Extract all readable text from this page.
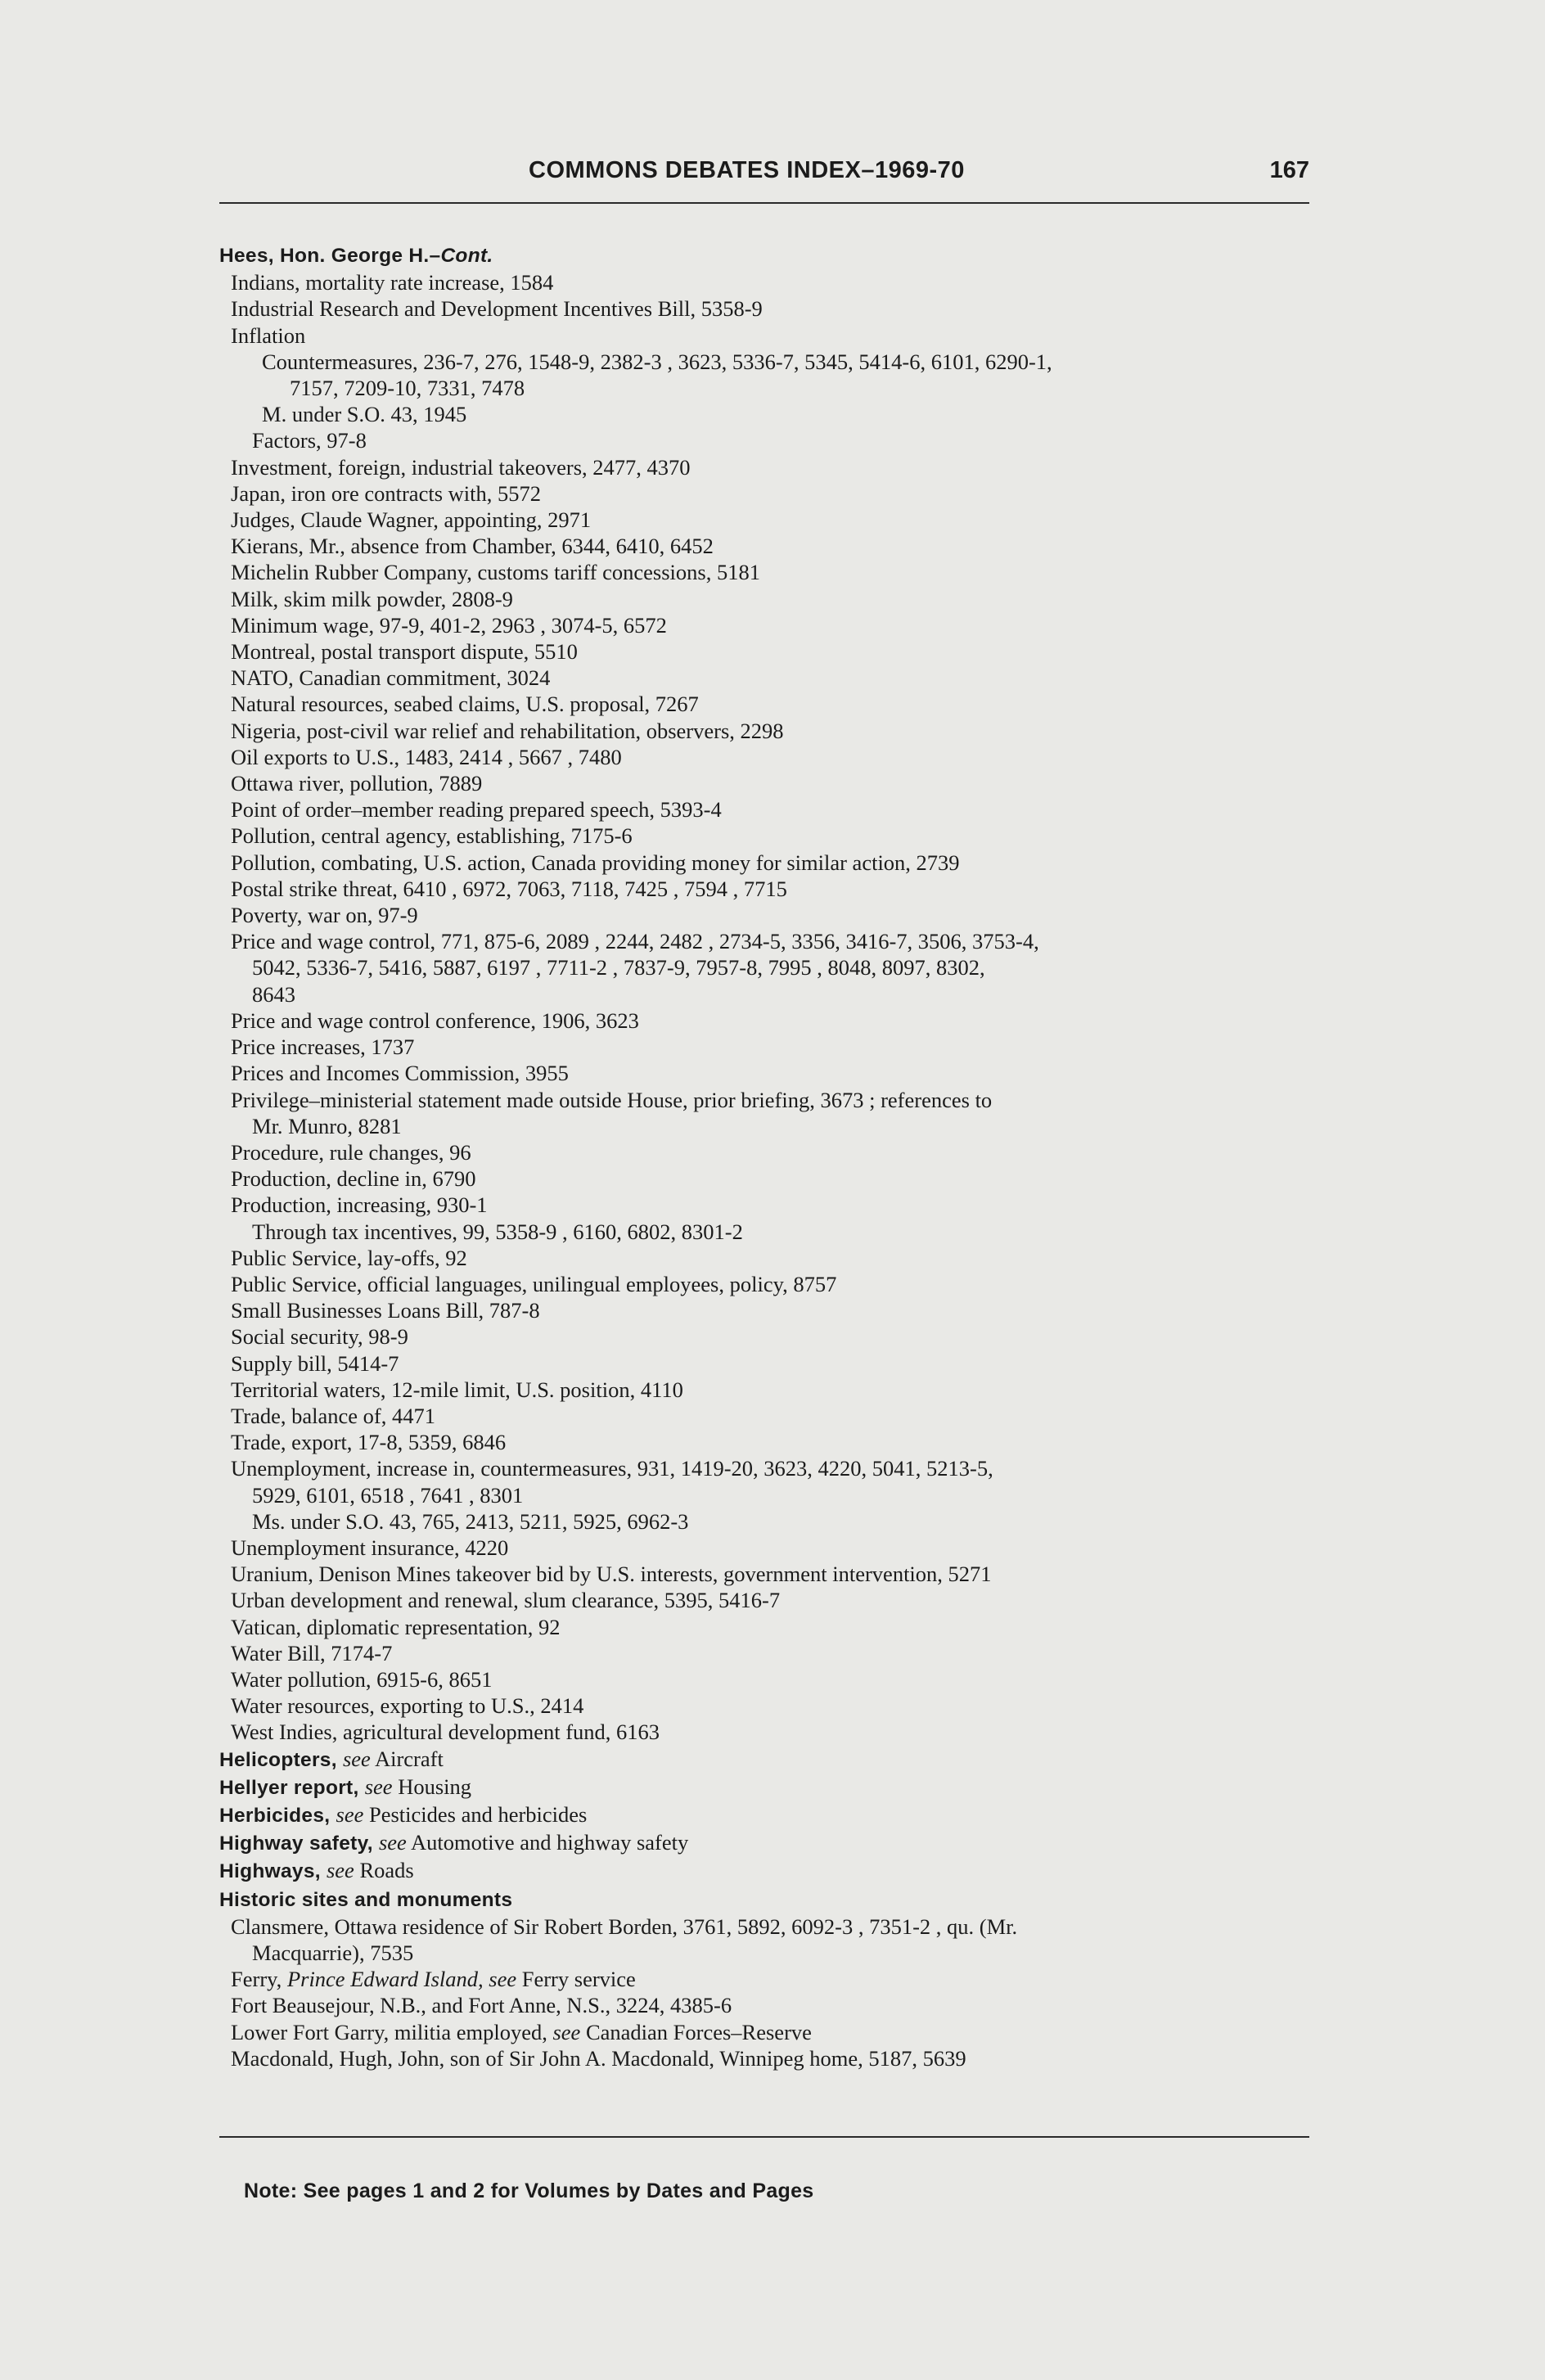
COMMONS DEBATES INDEX–1969-70	167
Hees, Hon. George H.–Cont.
Indians, mortality rate increase, 1584
Industrial Research and Development Incentives Bill, 5358-9
Inflation
Countermeasures, 236-7, 276, 1548-9, 2382-3 , 3623, 5336-7, 5345, 5414-6, 6101, 6290-1,
7157, 7209-10, 7331, 7478
M. under S.O. 43, 1945
Factors, 97-8
Investment, foreign, industrial takeovers, 2477, 4370
Japan, iron ore contracts with, 5572
Judges, Claude Wagner, appointing, 2971
Kierans, Mr., absence from Chamber, 6344, 6410, 6452
Michelin Rubber Company, customs tariff concessions, 5181
Milk, skim milk powder, 2808-9
Minimum wage, 97-9, 401-2, 2963 , 3074-5, 6572
Montreal, postal transport dispute, 5510
NATO, Canadian commitment, 3024
Natural resources, seabed claims, U.S. proposal, 7267
Nigeria, post-civil war relief and rehabilitation, observers, 2298
Oil exports to U.S., 1483, 2414 , 5667 , 7480
Ottawa river, pollution, 7889
Point of order–member reading prepared speech, 5393-4
Pollution, central agency, establishing, 7175-6
Pollution, combating, U.S. action, Canada providing money for similar action, 2739
Postal strike threat, 6410 , 6972, 7063, 7118, 7425 , 7594 , 7715
Poverty, war on, 97-9
Price and wage control, 771, 875-6, 2089 , 2244, 2482 , 2734-5, 3356, 3416-7, 3506, 3753-4,
5042, 5336-7, 5416, 5887, 6197 , 7711-2 , 7837-9, 7957-8, 7995 , 8048, 8097, 8302,
8643
Price and wage control conference, 1906, 3623
Price increases, 1737
Prices and Incomes Commission, 3955
Privilege–ministerial statement made outside House, prior briefing, 3673 ; references to
Mr. Munro, 8281
Procedure, rule changes, 96
Production, decline in, 6790
Production, increasing, 930-1
Through tax incentives, 99, 5358-9 , 6160, 6802, 8301-2
Public Service, lay-offs, 92
Public Service, official languages, unilingual employees, policy, 8757
Small Businesses Loans Bill, 787-8
Social security, 98-9
Supply bill, 5414-7
Territorial waters, 12-mile limit, U.S. position, 4110
Trade, balance of, 4471
Trade, export, 17-8, 5359, 6846
Unemployment, increase in, countermeasures, 931, 1419-20, 3623, 4220, 5041, 5213-5,
5929, 6101, 6518 , 7641 , 8301
Ms. under S.O. 43, 765, 2413, 5211, 5925, 6962-3
Unemployment insurance, 4220
Uranium, Denison Mines takeover bid by U.S. interests, government intervention, 5271
Urban development and renewal, slum clearance, 5395, 5416-7
Vatican, diplomatic representation, 92
Water Bill, 7174-7
Water pollution, 6915-6, 8651
Water resources, exporting to U.S., 2414
West Indies, agricultural development fund, 6163
Helicopters, see Aircraft
Hellyer report, see Housing
Herbicides, see Pesticides and herbicides
Highway safety, see Automotive and highway safety
Highways, see Roads
Historic sites and monuments
Clansmere, Ottawa residence of Sir Robert Borden, 3761, 5892, 6092-3 , 7351-2 , qu. (Mr.
Macquarrie), 7535
Ferry, Prince Edward Island, see Ferry service
Fort Beausejour, N.B., and Fort Anne, N.S., 3224, 4385-6
Lower Fort Garry, militia employed, see Canadian Forces–Reserve
Macdonald, Hugh, John, son of Sir John A. Macdonald, Winnipeg home, 5187, 5639
Note: See pages 1 and 2 for Volumes by Dates and Pages
